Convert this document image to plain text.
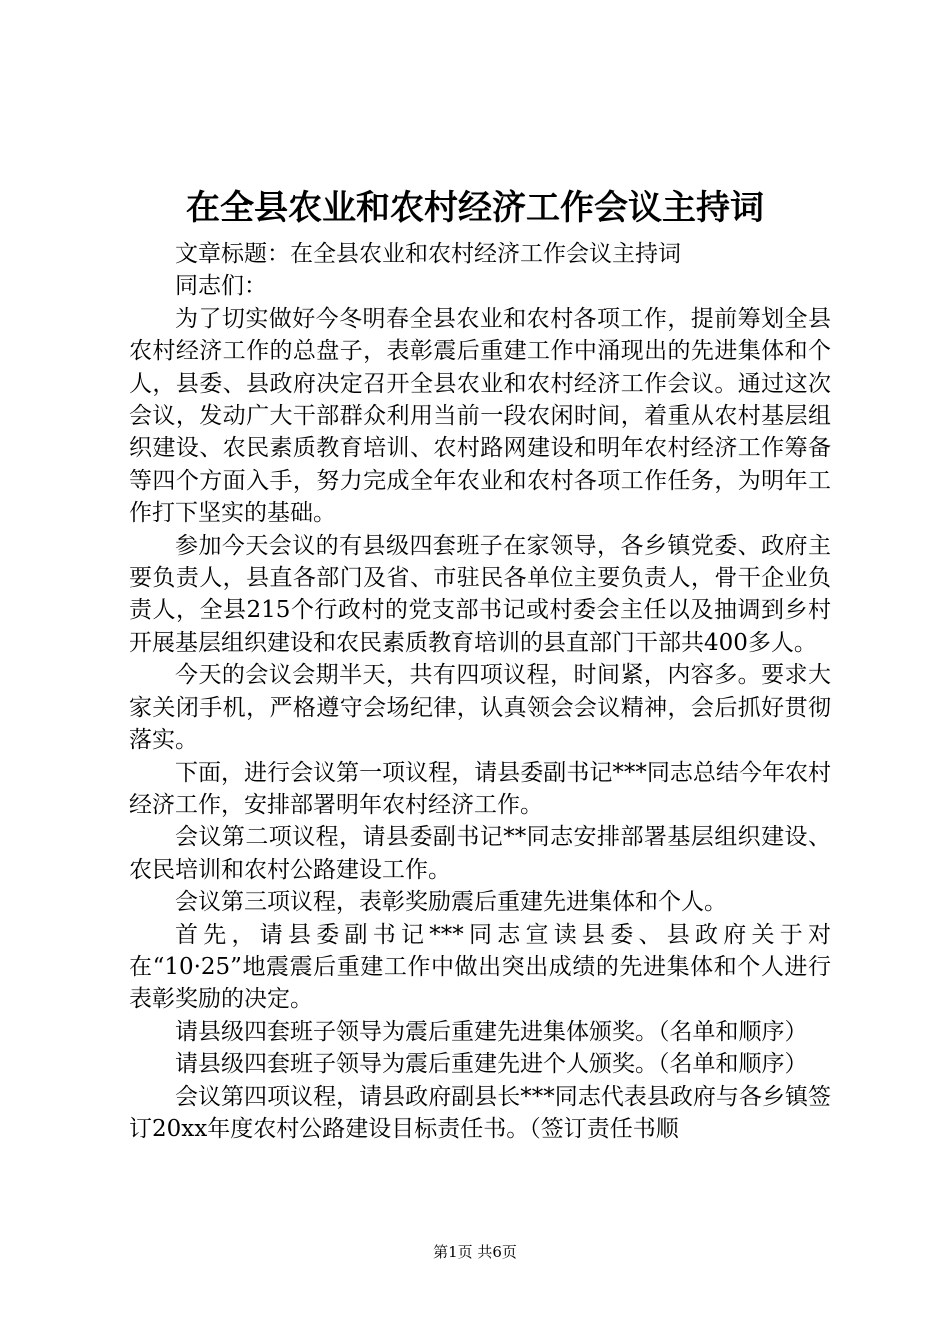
在全县农业和农村经济工作会议主持词

文章标题：在全县农业和农村经济工作会议主持词

同志们：

为了切实做好今冬明春全县农业和农村各项工作，提前筹划全县农村经济工作的总盘子，表彰震后重建工作中涌现出的先进集体和个人，县委、县政府决定召开全县农业和农村经济工作会议。通过这次会议，发动广大干部群众利用当前一段农闲时间，着重从农村基层组织建设、农民素质教育培训、农村路网建设和明年农村经济工作筹备等四个方面入手，努力完成全年农业和农村各项工作任务，为明年工作打下坚实的基础。

参加今天会议的有县级四套班子在家领导，各乡镇党委、政府主要负责人，县直各部门及省、市驻民各单位主要负责人，骨干企业负责人，全县215个行政村的党支部书记或村委会主任以及抽调到乡村开展基层组织建设和农民素质教育培训的县直部门干部共400多人。

今天的会议会期半天，共有四项议程，时间紧，内容多。要求大家关闭手机，严格遵守会场纪律，认真领会会议精神，会后抓好贯彻落实。

下面，进行会议第一项议程，请县委副书记***同志总结今年农村经济工作，安排部署明年农村经济工作。

会议第二项议程，请县委副书记**同志安排部署基层组织建设、农民培训和农村公路建设工作。

会议第三项议程，表彰奖励震后重建先进集体和个人。

首先，请县委副书记***同志宣读县委、县政府关于对在“10·25”地震震后重建工作中做出突出成绩的先进集体和个人进行表彰奖励的决定。

请县级四套班子领导为震后重建先进集体颁奖。（名单和顺序）

请县级四套班子领导为震后重建先进个人颁奖。（名单和顺序）

会议第四项议程，请县政府副县长***同志代表县政府与各乡镇签订20xx年度农村公路建设目标责任书。（签订责任书顺

第1页 共6页
